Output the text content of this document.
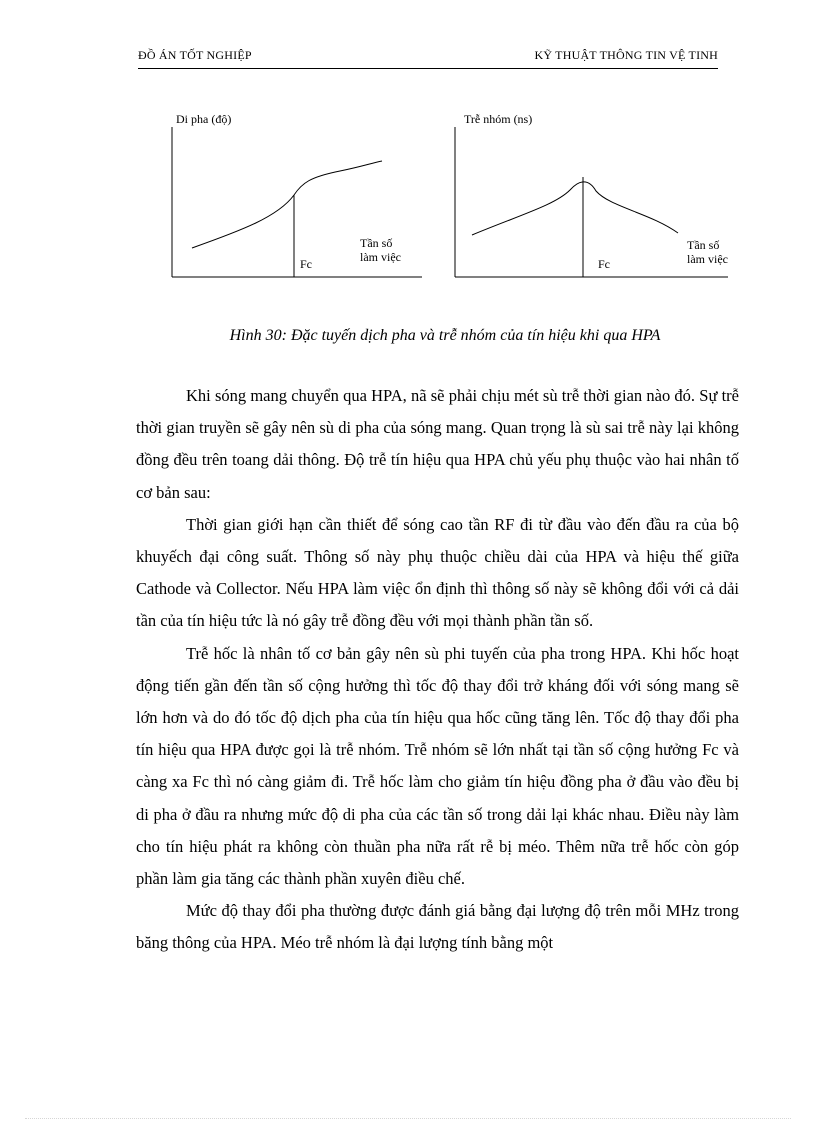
ĐỒ ÁN TỐT NGHIỆP	KỸ THUẬT THÔNG TIN VỆ TINH
Di pha (độ)
Fc
Tần số
làm việc
Trễ nhóm (ns)
Fc
Tần số
làm việc
Hình 30: Đặc tuyến dịch pha và trễ nhóm của tín hiệu khi qua HPA

Khi sóng mang chuyển qua HPA, nã sẽ phải chịu mét sù trễ thời gian nào đó. Sự trễ thời gian truyền sẽ gây nên sù di pha của sóng mang. Quan trọng là sù sai trễ này lại không đồng đều trên toang dải thông. Độ trễ tín hiệu qua HPA chủ yếu phụ thuộc vào hai nhân tố cơ bản sau:

Thời gian giới hạn cần thiết để sóng cao tần RF đi từ đầu vào đến đầu ra của bộ khuyếch đại công suất. Thông số này phụ thuộc chiều dài của HPA và hiệu thế giữa Cathode và Collector. Nếu HPA làm việc ổn định thì thông số này sẽ không đổi với cả dải tần của tín hiệu tức là nó gây trễ đồng đều với mọi thành phần tần số.

Trễ hốc là nhân tố cơ bản gây nên sù phi tuyến của pha trong HPA. Khi hốc hoạt động tiến gần đến tần số cộng hưởng thì tốc độ thay đổi trở kháng đối với sóng mang sẽ lớn hơn và do đó tốc độ dịch pha của tín hiệu qua hốc cũng tăng lên. Tốc độ thay đổi pha tín hiệu qua HPA được gọi là trễ nhóm. Trễ nhóm sẽ lớn nhất tại tần số cộng hưởng Fc và càng xa Fc thì nó càng giảm đi. Trễ hốc làm cho giảm tín hiệu đồng pha ở đầu vào đều bị di pha ở đầu ra nhưng mức độ di pha của các tần số trong dải lại khác nhau. Điều này làm cho tín hiệu phát ra không còn thuần pha nữa rất rễ bị méo. Thêm nữa trễ hốc còn góp phần làm gia tăng các thành phần xuyên điều chế.

Mức độ thay đổi pha thường được đánh giá bằng đại lượng độ trên mỗi MHz trong băng thông của HPA. Méo trễ nhóm là đại lượng tính bằng một
